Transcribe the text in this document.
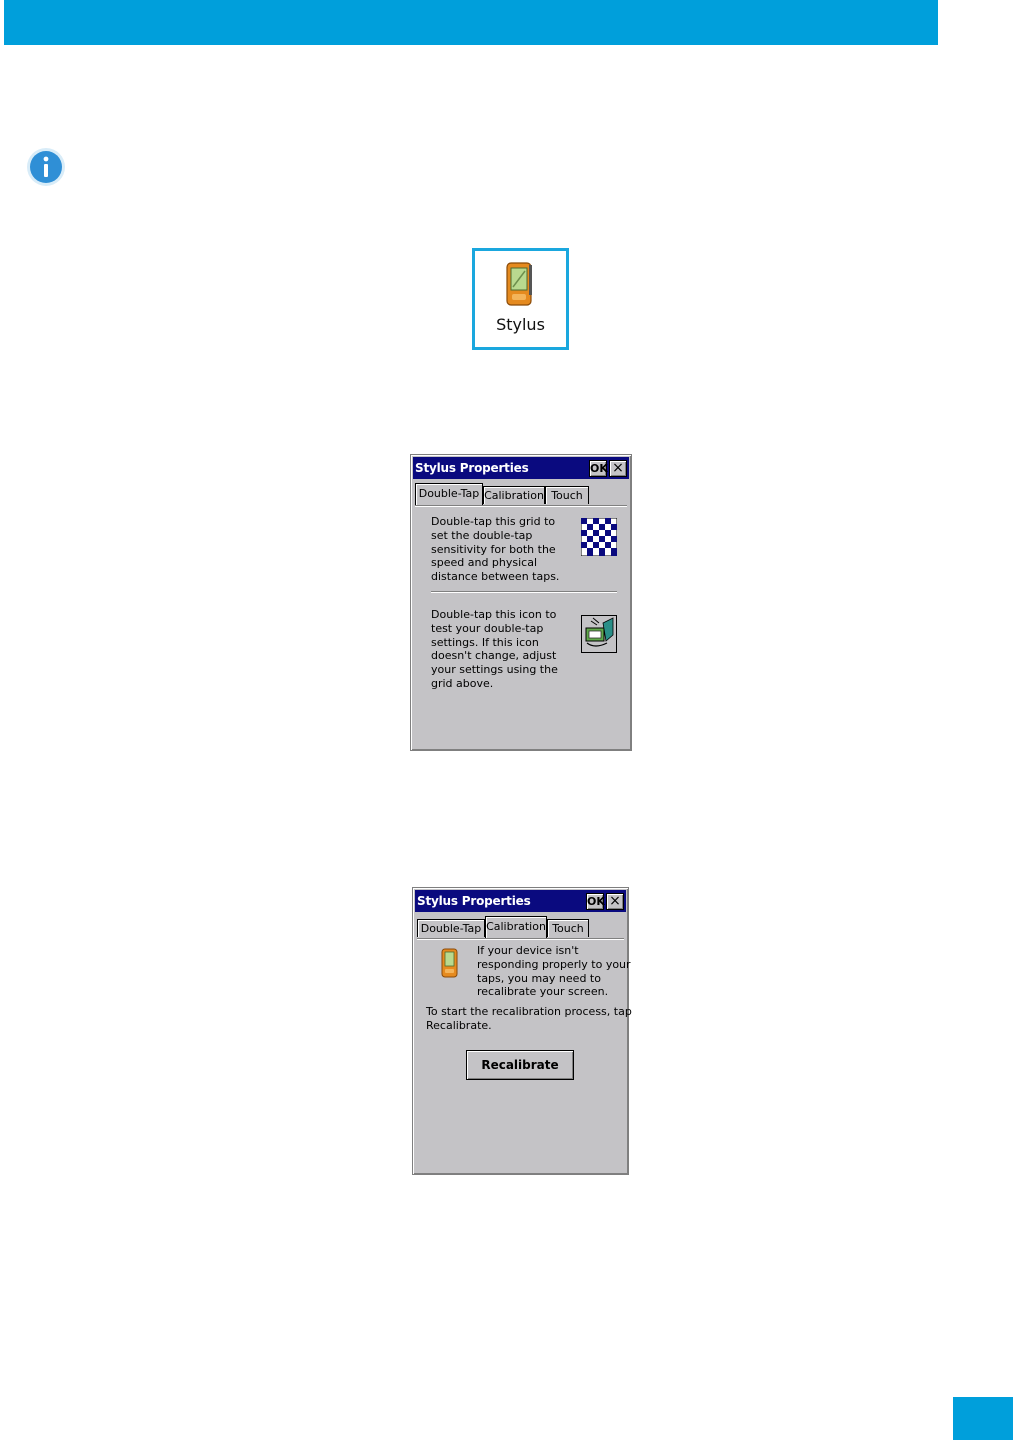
Stylus
Stylus Properties	OK ×
Double-Tap Calibration Touch
Double-tap this grid to
set the double-tap
sensitivity for both the
speed and physical
distance between taps.
Double-tap this icon to
test your double-tap
settings. If this icon
doesn't change, adjust
your settings using the
grid above.
Stylus Properties	OK ×
Double-Tap Calibration Touch
If your device isn't
responding properly to your
taps, you may need to
recalibrate your screen.
To start the recalibration process, tap
Recalibrate.
Recalibrate
